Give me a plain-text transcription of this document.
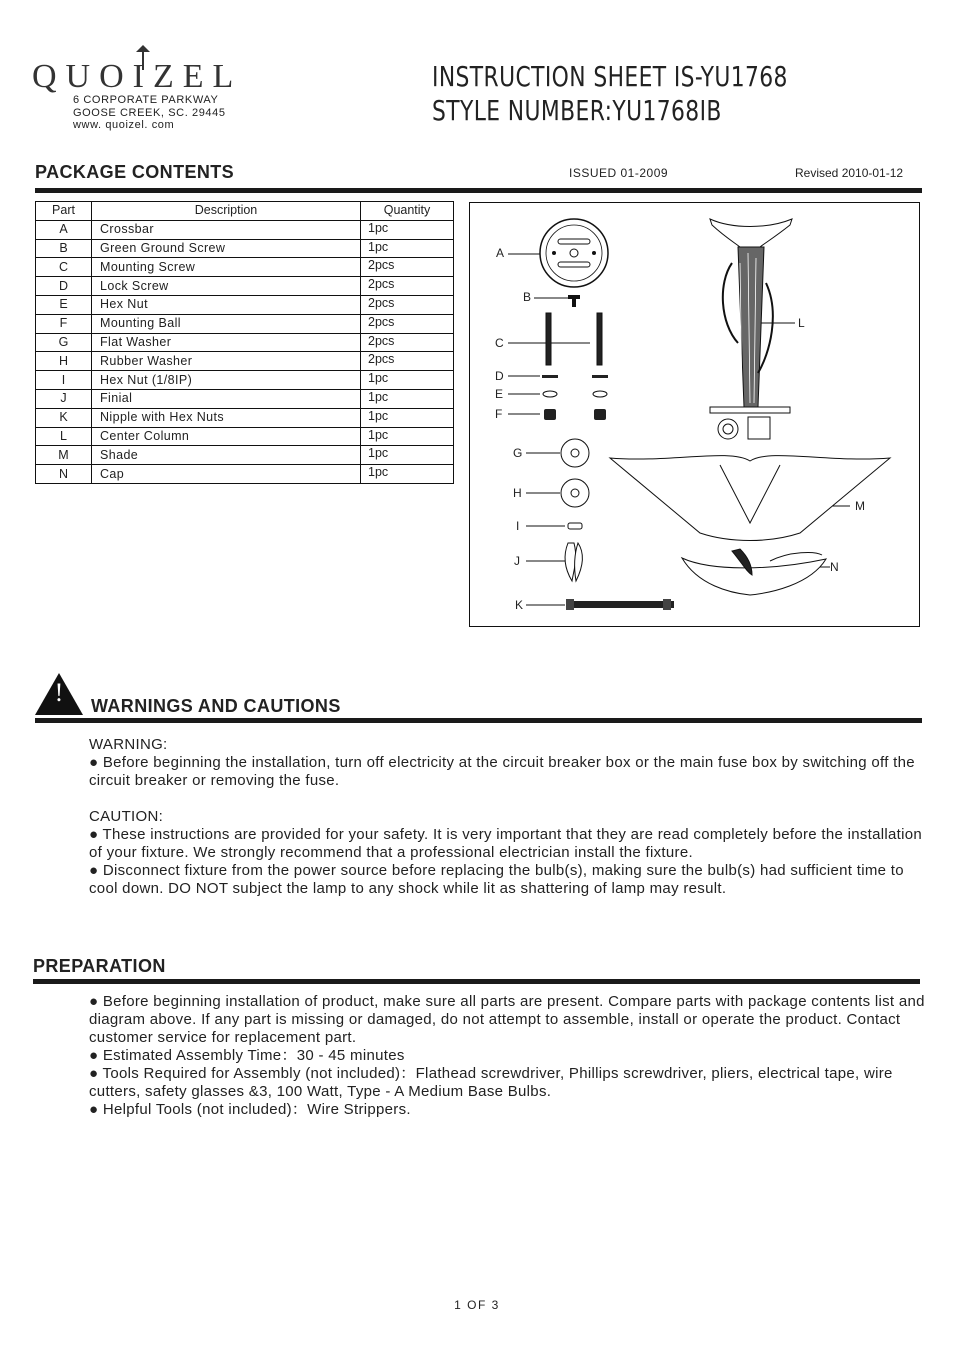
QUOIZEL
6 CORPORATE PARKWAY
GOOSE CREEK, SC. 29445
www. quoizel. com
INSTRUCTION SHEET IS-YU1768
STYLE NUMBER:YU1768IB
PACKAGE CONTENTS	ISSUED 01-2009	Revised 2010-01-12
Part	Description	Quantity
A	Crossbar	1pc
B	Green Ground Screw	1pc
C	Mounting Screw	2pcs
D	Lock Screw	2pcs
E	Hex Nut	2pcs
F	Mounting Ball	2pcs
G	Flat Washer	2pcs
H	Rubber Washer	2pcs
I	Hex Nut (1/8IP)	1pc
J	Finial	1pc
K	Nipple with Hex Nuts	1pc
L	Center Column	1pc
M	Shade	1pc
N	Cap	1pc
A
B
C
D
E
F
G
H
I
J
K
L
M
N
!	WARNINGS AND CAUTIONS

WARNING:

● Before beginning the installation, turn off electricity at the circuit breaker box or the main fuse box by switching off the circuit breaker or removing the fuse.

CAUTION:

● These instructions are provided for your safety. It is very important that they are read completely before the installation of your fixture. We strongly recommend that a professional electrician install the fixture.

● Disconnect fixture from the power source before replacing the bulb(s), making sure the bulb(s) had sufficient time to cool down. DO NOT subject the lamp to any shock while lit as shattering of lamp may result.

PREPARATION

● Before beginning installation of product, make sure all parts are present. Compare parts with package contents list and diagram above. If any part is missing or damaged, do not attempt to assemble, install or operate the product. Contact customer service for replacement part.

● Estimated Assembly Time：30 - 45 minutes

● Tools Required for Assembly (not included)：Flathead screwdriver, Phillips screwdriver, pliers, electrical tape, wire cutters, safety glasses &3, 100 Watt, Type - A Medium Base Bulbs.

● Helpful Tools (not included)：Wire Strippers.

1 OF 3
